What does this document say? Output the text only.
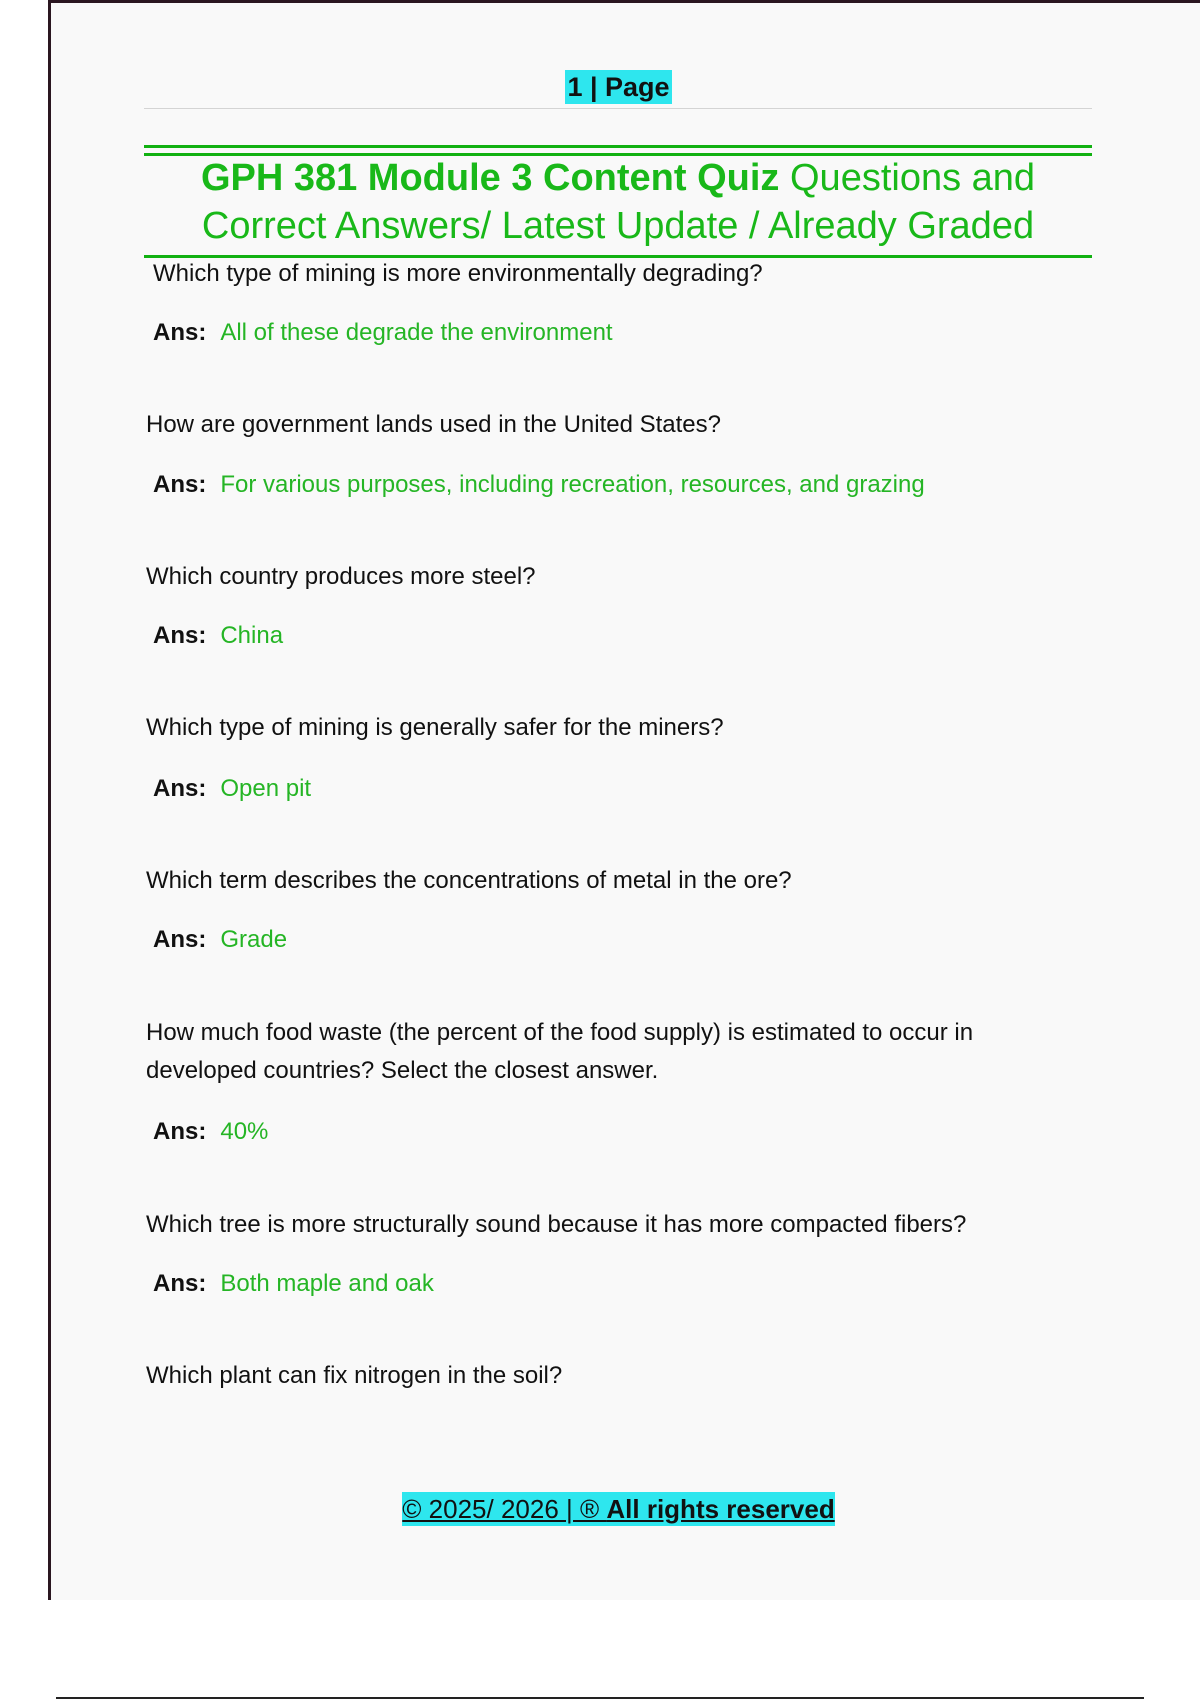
1 | Page
GPH 381 Module 3 Content Quiz Questions and Correct Answers/ Latest Update / Already Graded
Which type of mining is more environmentally degrading?
Ans: All of these degrade the environment
How are government lands used in the United States?
Ans: For various purposes, including recreation, resources, and grazing
Which country produces more steel?
Ans: China
Which type of mining is generally safer for the miners?
Ans: Open pit
Which term describes the concentrations of metal in the ore?
Ans: Grade
How much food waste (the percent of the food supply) is estimated to occur in developed countries? Select the closest answer.
Ans: 40%
Which tree is more structurally sound because it has more compacted fibers?
Ans: Both maple and oak
Which plant can fix nitrogen in the soil?
© 2025/ 2026 | ® All rights reserved
